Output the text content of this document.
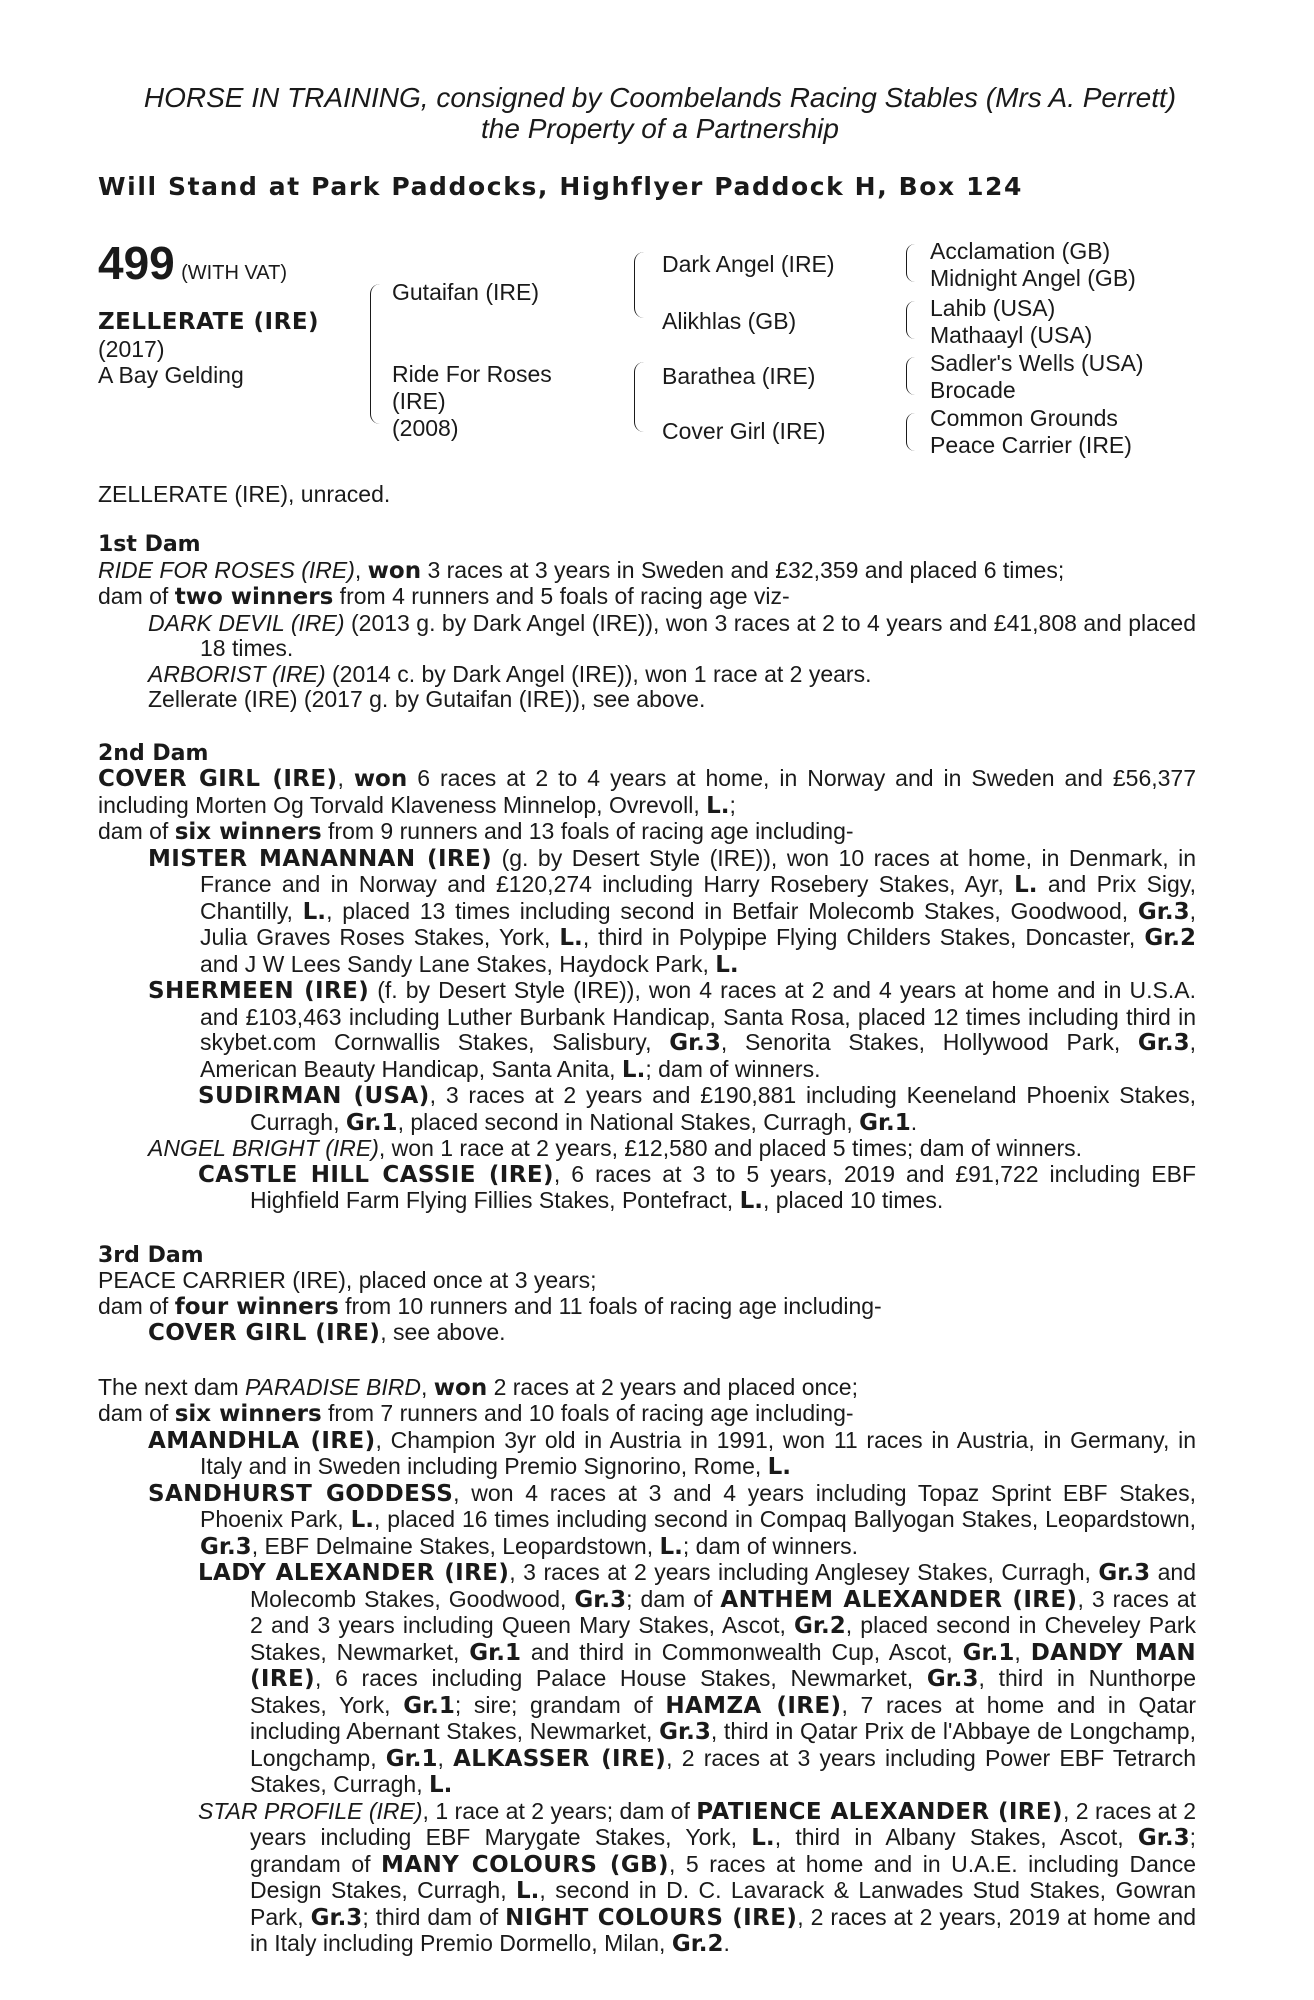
HORSE IN TRAINING, consigned by Coombelands Racing Stables (Mrs A. Perrett)
the Property of a Partnership
Will Stand at Park Paddocks, Highflyer Paddock H, Box 124
499 (WITH VAT)
ZELLERATE (IRE)
(2017)
A Bay Gelding
Gutaifan (IRE)
Ride For Roses
(IRE)
(2008)
Dark Angel (IRE)
Alikhlas (GB)
Barathea (IRE)
Cover Girl (IRE)
Acclamation (GB)
Midnight Angel (GB)
Lahib (USA)
Mathaayl (USA)
Sadler's Wells (USA)
Brocade
Common Grounds
Peace Carrier (IRE)
ZELLERATE (IRE), unraced.
1st Dam

RIDE FOR ROSES (IRE), won 3 races at 3 years in Sweden and £32,359 and placed 6 times;

dam of two winners from 4 runners and 5 foals of racing age viz-

DARK DEVIL (IRE) (2013 g. by Dark Angel (IRE)), won 3 races at 2 to 4 years and £41,808 and placed 18 times.

ARBORIST (IRE) (2014 c. by Dark Angel (IRE)), won 1 race at 2 years.

Zellerate (IRE) (2017 g. by Gutaifan (IRE)), see above.

2nd Dam

COVER GIRL (IRE), won 6 races at 2 to 4 years at home, in Norway and in Sweden and £56,377 including Morten Og Torvald Klaveness Minnelop, Ovrevoll, L.;

dam of six winners from 9 runners and 13 foals of racing age including-

MISTER MANANNAN (IRE) (g. by Desert Style (IRE)), won 10 races at home, in Denmark, in France and in Norway and £120,274 including Harry Rosebery Stakes, Ayr, L. and Prix Sigy, Chantilly, L., placed 13 times including second in Betfair Molecomb Stakes, Goodwood, Gr.3, Julia Graves Roses Stakes, York, L., third in Polypipe Flying Childers Stakes, Doncaster, Gr.2 and J W Lees Sandy Lane Stakes, Haydock Park, L.

SHERMEEN (IRE) (f. by Desert Style (IRE)), won 4 races at 2 and 4 years at home and in U.S.A. and £103,463 including Luther Burbank Handicap, Santa Rosa, placed 12 times including third in skybet.com Cornwallis Stakes, Salisbury, Gr.3, Senorita Stakes, Hollywood Park, Gr.3, American Beauty Handicap, Santa Anita, L.; dam of winners.

SUDIRMAN (USA), 3 races at 2 years and £190,881 including Keeneland Phoenix Stakes, Curragh, Gr.1, placed second in National Stakes, Curragh, Gr.1.

ANGEL BRIGHT (IRE), won 1 race at 2 years, £12,580 and placed 5 times; dam of winners.

CASTLE HILL CASSIE (IRE), 6 races at 3 to 5 years, 2019 and £91,722 including EBF Highfield Farm Flying Fillies Stakes, Pontefract, L., placed 10 times.

3rd Dam

PEACE CARRIER (IRE), placed once at 3 years;

dam of four winners from 10 runners and 11 foals of racing age including-

COVER GIRL (IRE), see above.

The next dam PARADISE BIRD, won 2 races at 2 years and placed once;

dam of six winners from 7 runners and 10 foals of racing age including-

AMANDHLA (IRE), Champion 3yr old in Austria in 1991, won 11 races in Austria, in Germany, in Italy and in Sweden including Premio Signorino, Rome, L.

SANDHURST GODDESS, won 4 races at 3 and 4 years including Topaz Sprint EBF Stakes, Phoenix Park, L., placed 16 times including second in Compaq Ballyogan Stakes, Leopardstown, Gr.3, EBF Delmaine Stakes, Leopardstown, L.; dam of winners.

LADY ALEXANDER (IRE), 3 races at 2 years including Anglesey Stakes, Curragh, Gr.3 and Molecomb Stakes, Goodwood, Gr.3; dam of ANTHEM ALEXANDER (IRE), 3 races at 2 and 3 years including Queen Mary Stakes, Ascot, Gr.2, placed second in Cheveley Park Stakes, Newmarket, Gr.1 and third in Commonwealth Cup, Ascot, Gr.1, DANDY MAN (IRE), 6 races including Palace House Stakes, Newmarket, Gr.3, third in Nunthorpe Stakes, York, Gr.1; sire; grandam of HAMZA (IRE), 7 races at home and in Qatar including Abernant Stakes, Newmarket, Gr.3, third in Qatar Prix de l'Abbaye de Longchamp, Longchamp, Gr.1, ALKASSER (IRE), 2 races at 3 years including Power EBF Tetrarch Stakes, Curragh, L.

STAR PROFILE (IRE), 1 race at 2 years; dam of PATIENCE ALEXANDER (IRE), 2 races at 2 years including EBF Marygate Stakes, York, L., third in Albany Stakes, Ascot, Gr.3; grandam of MANY COLOURS (GB), 5 races at home and in U.A.E. including Dance Design Stakes, Curragh, L., second in D. C. Lavarack & Lanwades Stud Stakes, Gowran Park, Gr.3; third dam of NIGHT COLOURS (IRE), 2 races at 2 years, 2019 at home and in Italy including Premio Dormello, Milan, Gr.2.
